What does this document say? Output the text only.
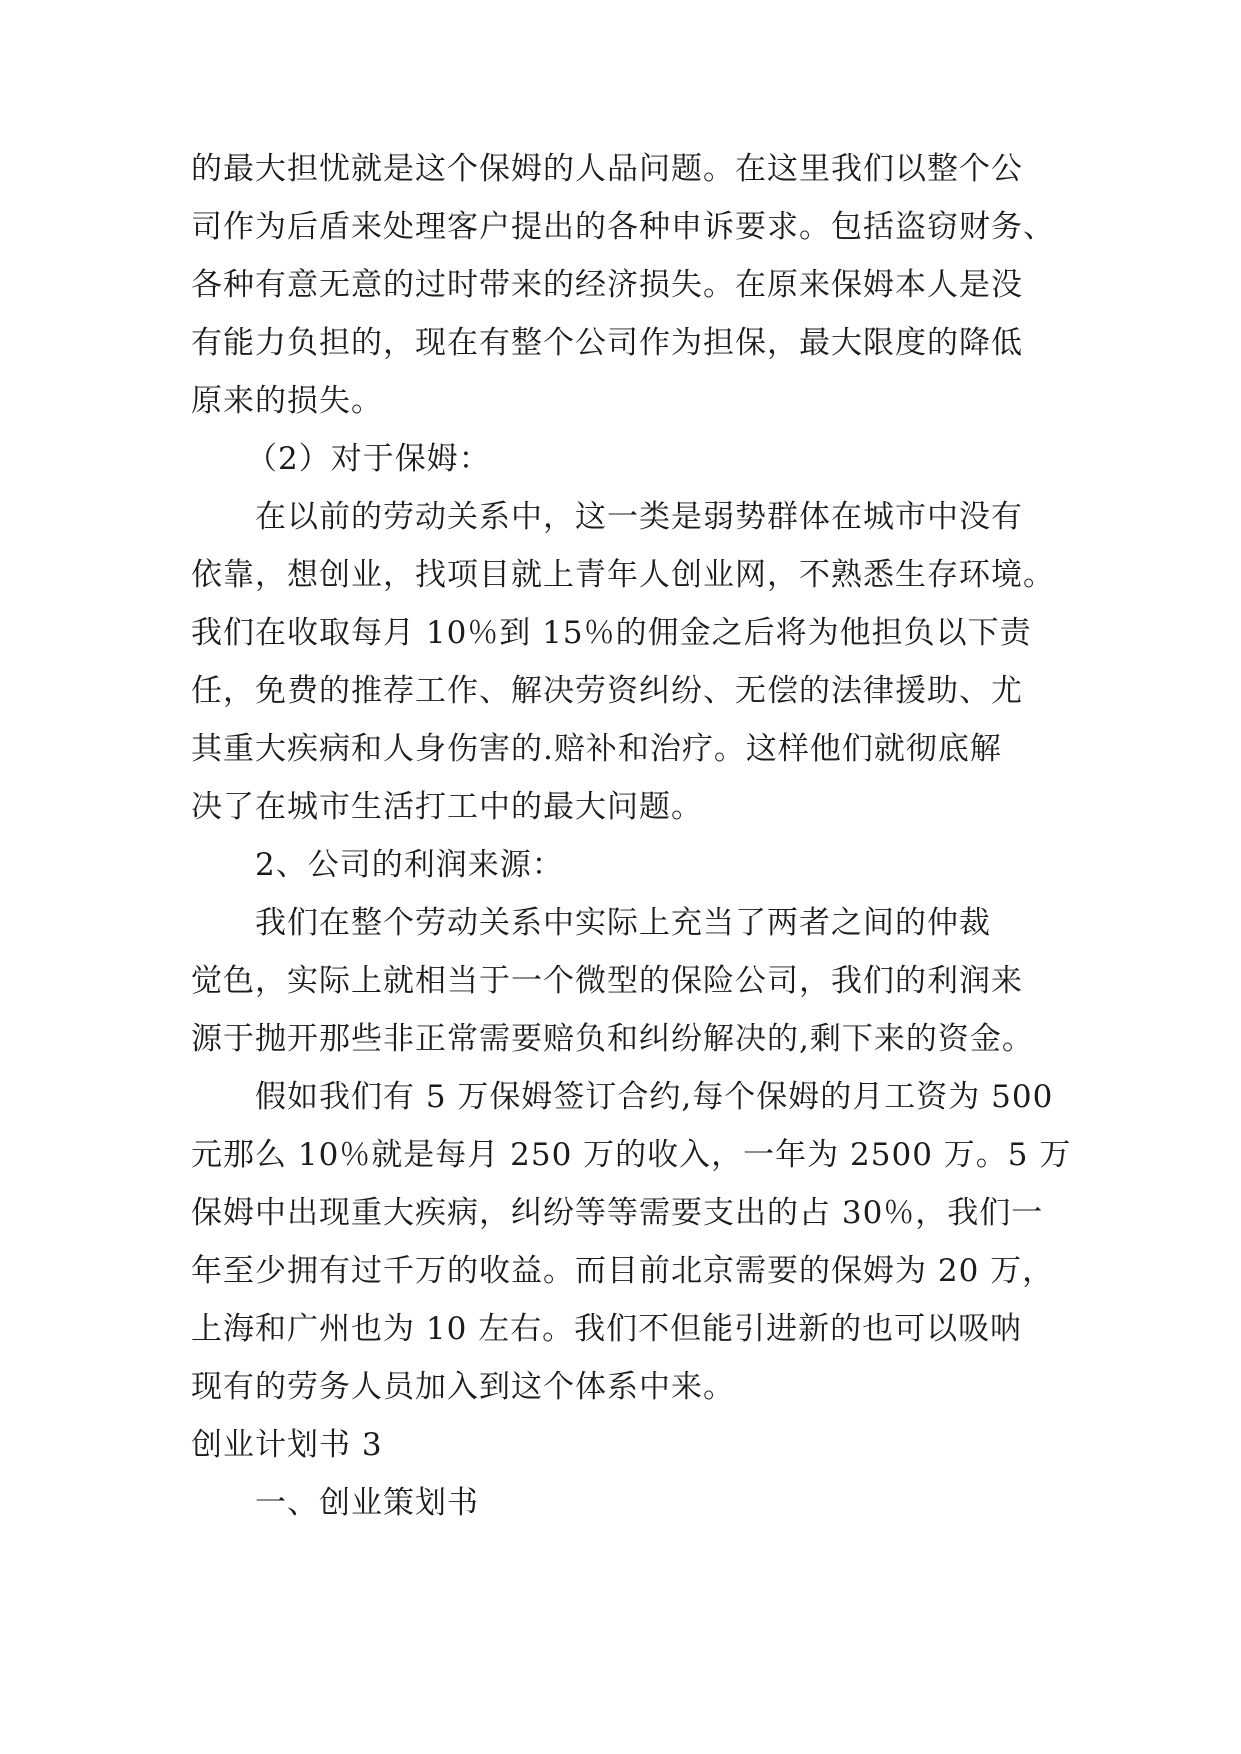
的最大担忧就是这个保姆的人品问题。在这里我们以整个公

司作为后盾来处理客户提出的各种申诉要求。包括盗窃财务、

各种有意无意的过时带来的经济损失。在原来保姆本人是没

有能力负担的，现在有整个公司作为担保，最大限度的降低

原来的损失。

（2）对于保姆：

在以前的劳动关系中，这一类是弱势群体在城市中没有

依靠，想创业，找项目就上青年人创业网，不熟悉生存环境。

我们在收取每月 10％到 15％的佣金之后将为他担负以下责

任，免费的推荐工作、解决劳资纠纷、无偿的法律援助、尤

其重大疾病和人身伤害的.赔补和治疗。这样他们就彻底解

决了在城市生活打工中的最大问题。

2、公司的利润来源：

我们在整个劳动关系中实际上充当了两者之间的仲裁

觉色，实际上就相当于一个微型的保险公司，我们的利润来

源于抛开那些非正常需要赔负和纠纷解决的,剩下来的资金。

假如我们有 5 万保姆签订合约,每个保姆的月工资为 500

元那么 10％就是每月 250 万的收入，一年为 2500 万。5 万

保姆中出现重大疾病，纠纷等等需要支出的占 30％，我们一

年至少拥有过千万的收益。而目前北京需要的保姆为 20 万，

上海和广州也为 10 左右。我们不但能引进新的也可以吸呐

现有的劳务人员加入到这个体系中来。

创业计划书 3

一、创业策划书
